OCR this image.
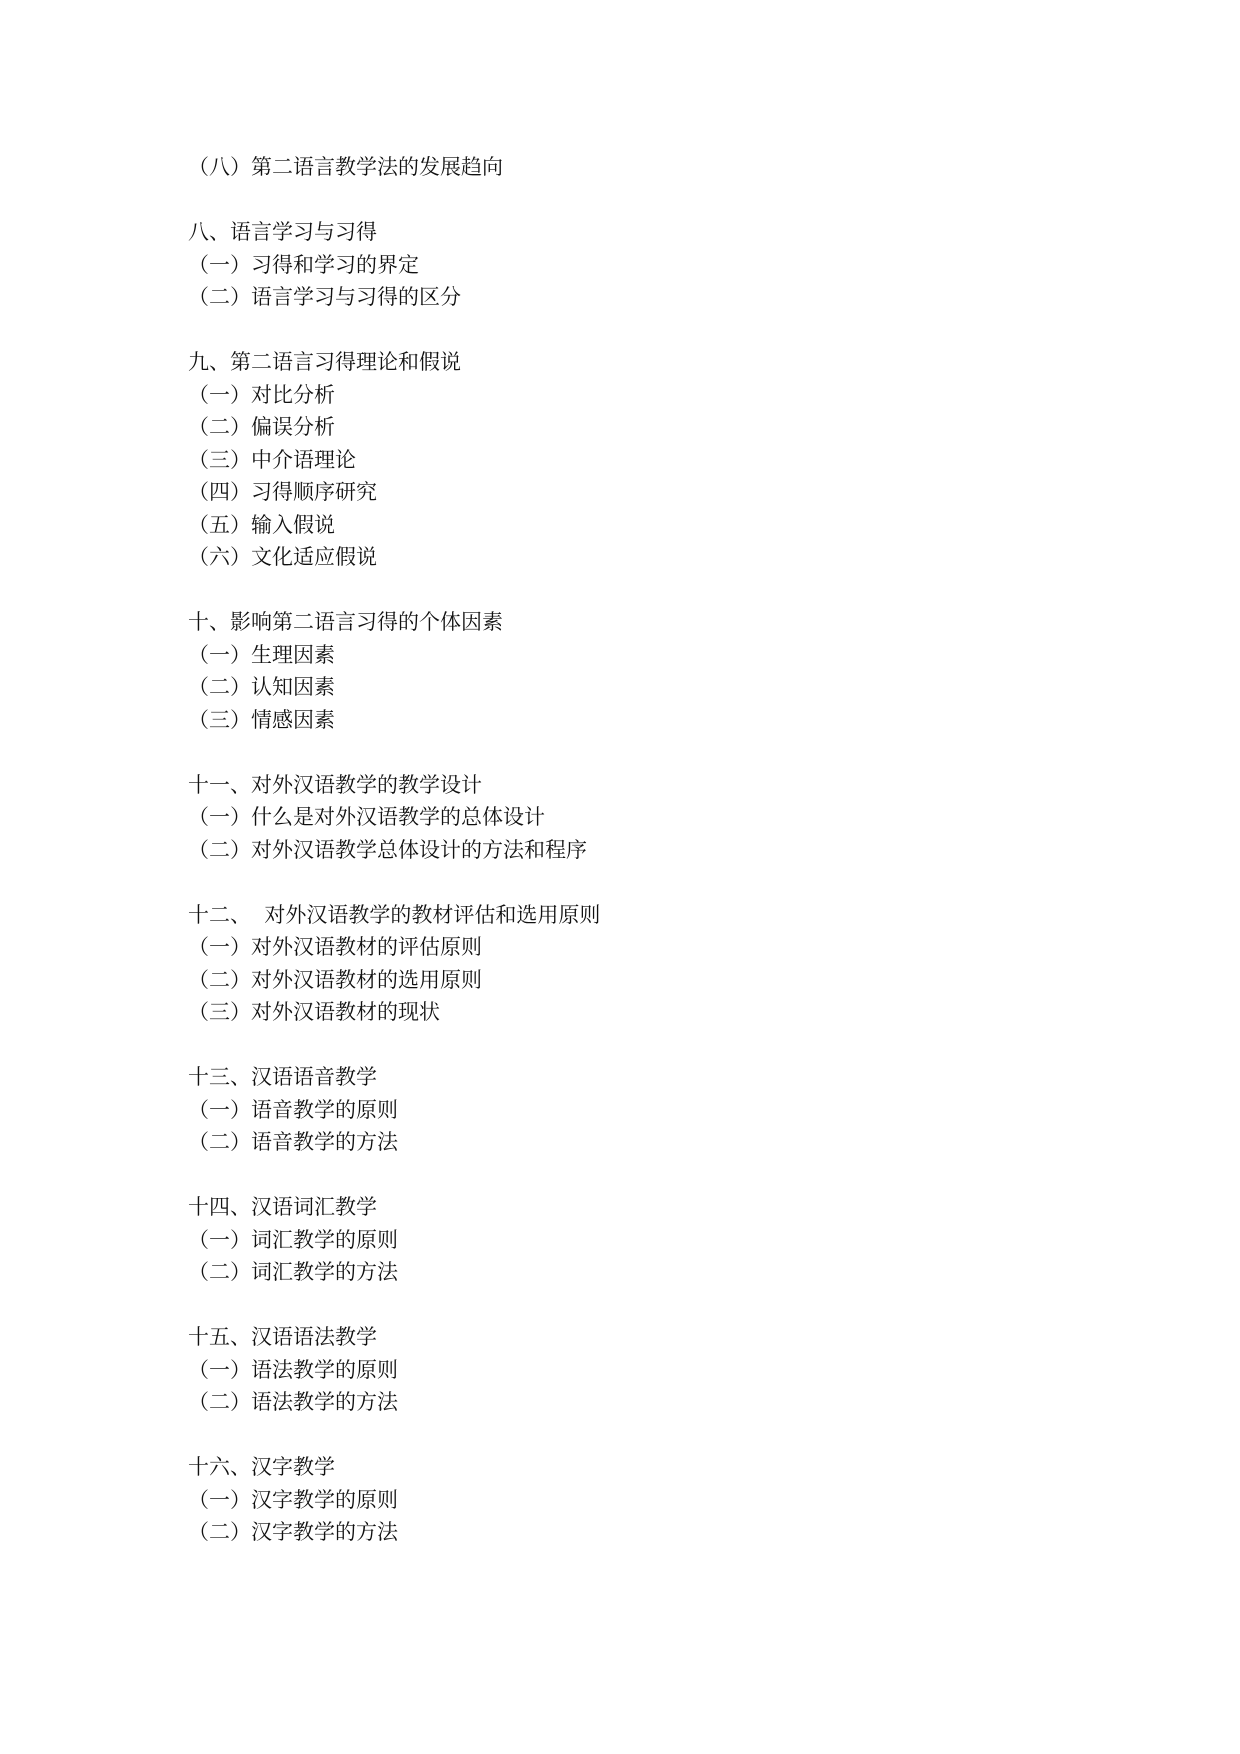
（八）第二语言教学法的发展趋向
八、语言学习与习得
（一）习得和学习的界定
（二）语言学习与习得的区分
九、第二语言习得理论和假说
（一）对比分析
（二）偏误分析
（三）中介语理论
（四）习得顺序研究
（五）输入假说
（六）文化适应假说
十、影响第二语言习得的个体因素
（一）生理因素
（二）认知因素
（三）情感因素
十一、对外汉语教学的教学设计
（一）什么是对外汉语教学的总体设计
（二）对外汉语教学总体设计的方法和程序
十二、  对外汉语教学的教材评估和选用原则
（一）对外汉语教材的评估原则
（二）对外汉语教材的选用原则
（三）对外汉语教材的现状
十三、汉语语音教学
（一）语音教学的原则
（二）语音教学的方法
十四、汉语词汇教学
（一）词汇教学的原则
（二）词汇教学的方法
十五、汉语语法教学
（一）语法教学的原则
（二）语法教学的方法
十六、汉字教学
（一）汉字教学的原则
（二）汉字教学的方法
